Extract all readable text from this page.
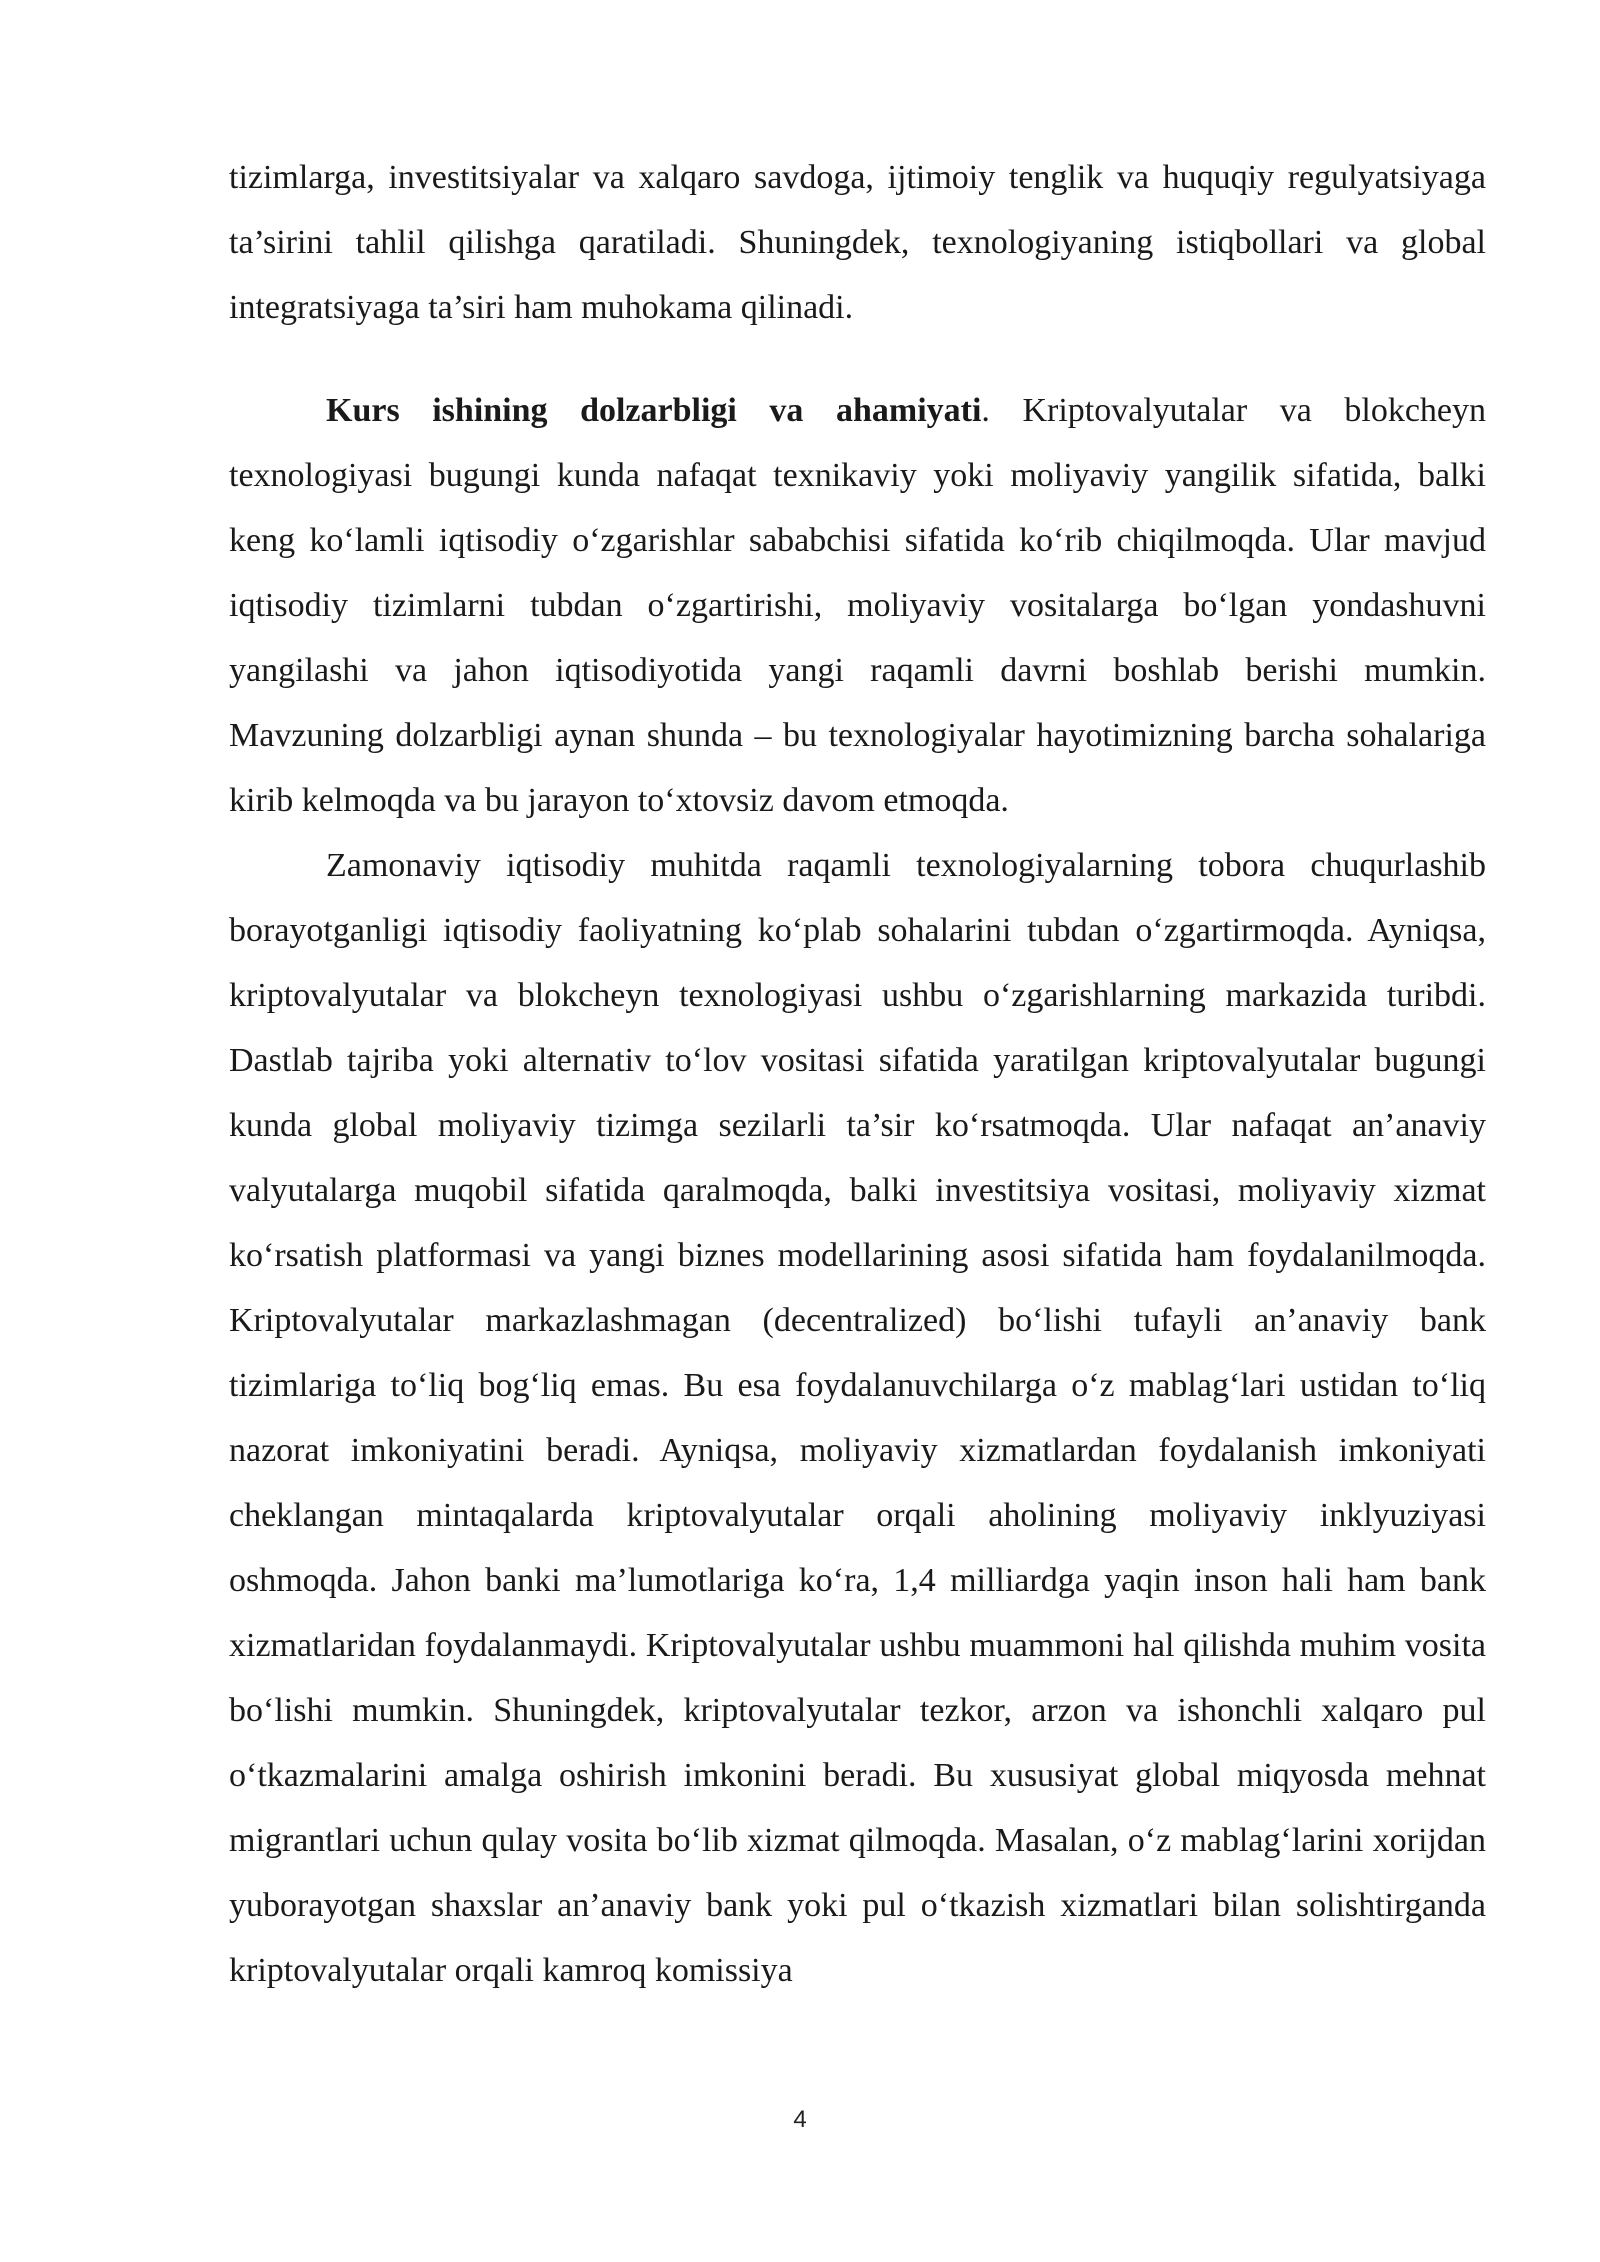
tizimlarga, investitsiyalar va xalqaro savdoga, ijtimoiy tenglik va huquqiy regulyatsiyaga ta’sirini tahlil qilishga qaratiladi. Shuningdek, texnologiyaning istiqbollari va global integratsiyaga ta’siri ham muhokama qilinadi.

Kurs ishining dolzarbligi va ahamiyati. Kriptovalyutalar va blokcheyn texnologiyasi bugungi kunda nafaqat texnikaviy yoki moliyaviy yangilik sifatida, balki keng ko‘lamli iqtisodiy o‘zgarishlar sababchisi sifatida ko‘rib chiqilmoqda. Ular mavjud iqtisodiy tizimlarni tubdan o‘zgartirishi, moliyaviy vositalarga bo‘lgan yondashuvni yangilashi va jahon iqtisodiyotida yangi raqamli davrni boshlab berishi mumkin. Mavzuning dolzarbligi aynan shunda – bu texnologiyalar hayotimizning barcha sohalariga kirib kelmoqda va bu jarayon to‘xtovsiz davom etmoqda.

Zamonaviy iqtisodiy muhitda raqamli texnologiyalarning tobora chuqurlashib borayotganligi iqtisodiy faoliyatning ko‘plab sohalarini tubdan o‘zgartirmoqda. Ayniqsa, kriptovalyutalar va blokcheyn texnologiyasi ushbu o‘zgarishlarning markazida turibdi. Dastlab tajriba yoki alternativ to‘lov vositasi sifatida yaratilgan kriptovalyutalar bugungi kunda global moliyaviy tizimga sezilarli ta’sir ko‘rsatmoqda. Ular nafaqat an’anaviy valyutalarga muqobil sifatida qaralmoqda, balki investitsiya vositasi, moliyaviy xizmat ko‘rsatish platformasi va yangi biznes modellarining asosi sifatida ham foydalanilmoqda. Kriptovalyutalar markazlashmagan (decentralized) bo‘lishi tufayli an’anaviy bank tizimlariga to‘liq bog‘liq emas. Bu esa foydalanuvchilarga o‘z mablag‘lari ustidan to‘liq nazorat imkoniyatini beradi. Ayniqsa, moliyaviy xizmatlardan foydalanish imkoniyati cheklangan mintaqalarda kriptovalyutalar orqali aholining moliyaviy inklyuziyasi oshmoqda. Jahon banki ma’lumotlariga ko‘ra, 1,4 milliardga yaqin inson hali ham bank xizmatlaridan foydalanmaydi. Kriptovalyutalar ushbu muammoni hal qilishda muhim vosita bo‘lishi mumkin. Shuningdek, kriptovalyutalar tezkor, arzon va ishonchli xalqaro pul o‘tkazmalarini amalga oshirish imkonini beradi. Bu xususiyat global miqyosda mehnat migrantlari uchun qulay vosita bo‘lib xizmat qilmoqda. Masalan, o‘z mablag‘larini xorijdan yuborayotgan shaxslar an’anaviy bank yoki pul o‘tkazish xizmatlari bilan solishtirganda kriptovalyutalar orqali kamroq komissiya

4
